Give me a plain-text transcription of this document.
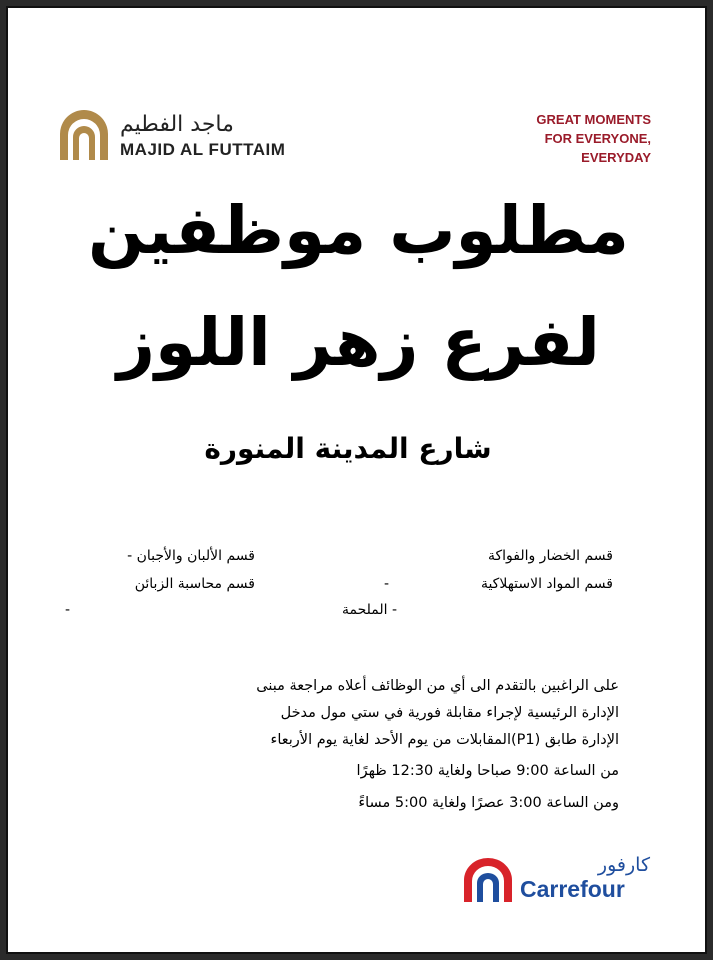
ماجد الفطيم
MAJID AL FUTTAIM
GREAT MOMENTS
FOR EVERYONE,
EVERYDAY
مطلوب موظفين
لفرع زهر اللوز
شارع المدينة المنورة
قسم الخضار والفواكة
قسم المواد الاستهلاكية
قسم الألبان والأجبان -
قسم محاسبة الزبائن
- الملحمة
-
-
على الراغبين بالتقدم الى أي من الوظائف أعلاه مراجعة مبنى
الإدارة الرئيسية لإجراء مقابلة فورية في ستي مول مدخل
الإدارة طابق (P1)المقابلات من يوم الأحد لغاية يوم الأربعاء
من الساعة 9:00 صباحا ولغاية 12:30 ظهرًا
ومن الساعة 3:00 عصرًا ولغاية 5:00 مساءً
كارفور
Carrefour
